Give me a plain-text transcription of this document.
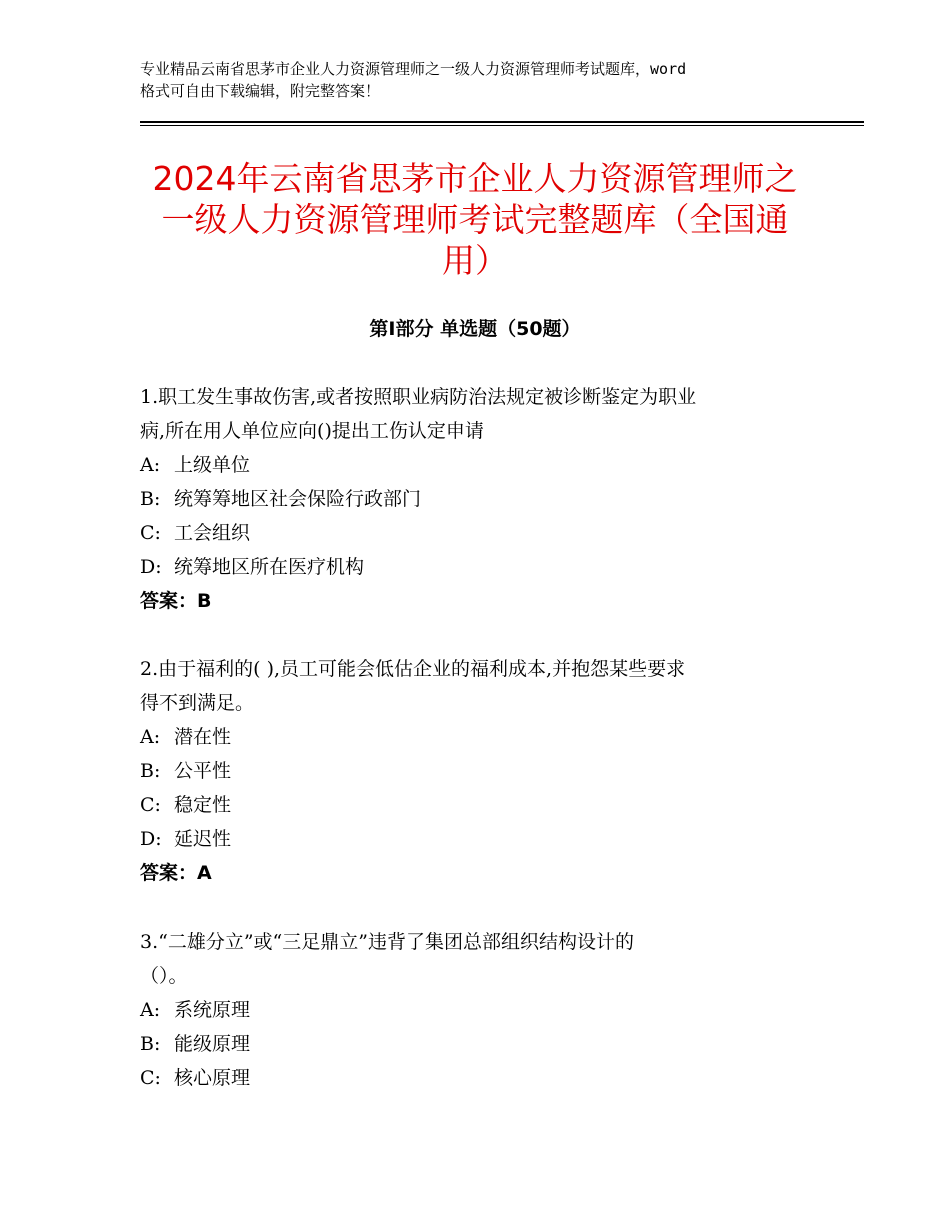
专业精品云南省思茅市企业人力资源管理师之一级人力资源管理师考试题库，word
格式可自由下载编辑，附完整答案！
2024年云南省思茅市企业人力资源管理师之
一级人力资源管理师考试完整题库（全国通
用）
第Ⅰ部分 单选题（50题）
1.职工发生事故伤害,或者按照职业病防治法规定被诊断鉴定为职业
病,所在用人单位应向()提出工伤认定申请
A: 上级单位
B: 统筹筹地区社会保险行政部门
C: 工会组织
D: 统筹地区所在医疗机构
答案：B
2.由于福利的( ),员工可能会低估企业的福利成本,并抱怨某些要求
得不到满足。
A: 潜在性
B: 公平性
C: 稳定性
D: 延迟性
答案：A
3.“二雄分立”或“三足鼎立”违背了集团总部组织结构设计的
（）。
A: 系统原理
B: 能级原理
C: 核心原理
